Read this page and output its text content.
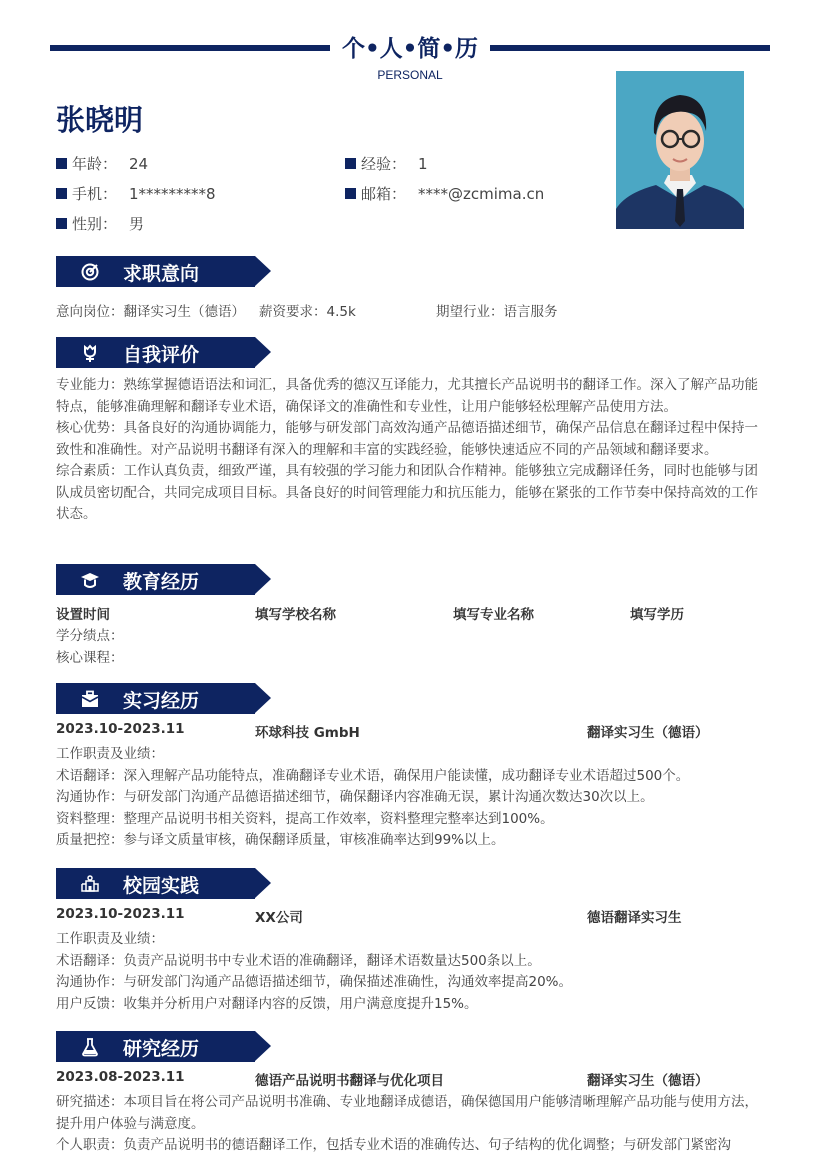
个•人•简•历
PERSONAL
张晓明
年龄： 24	经验： 1
手机： 1*********8	邮箱： ****@zcmima.cn
性别： 男
求职意向
意向岗位：翻译实习生（德语） 薪资要求：4.5k	期望行业：语言服务
自我评价
专业能力：熟练掌握德语语法和词汇，具备优秀的德汉互译能力，尤其擅长产品说明书的翻译工作。深入了解产品功能特点，能够准确理解和翻译专业术语，确保译文的准确性和专业性，让用户能够轻松理解产品使用方法。
核心优势：具备良好的沟通协调能力，能够与研发部门高效沟通产品德语描述细节，确保产品信息在翻译过程中保持一致性和准确性。对产品说明书翻译有深入的理解和丰富的实践经验，能够快速适应不同的产品领域和翻译要求。
综合素质：工作认真负责，细致严谨，具有较强的学习能力和团队合作精神。能够独立完成翻译任务，同时也能够与团队成员密切配合，共同完成项目目标。具备良好的时间管理能力和抗压能力，能够在紧张的工作节奏中保持高效的工作状态。
教育经历
设置时间	填写学校名称	填写专业名称	填写学历
学分绩点：
核心课程：
实习经历
2023.10-2023.11	环球科技 GmbH	翻译实习生（德语）
工作职责及业绩：
术语翻译：深入理解产品功能特点，准确翻译专业术语，确保用户能读懂，成功翻译专业术语超过500个。
沟通协作：与研发部门沟通产品德语描述细节，确保翻译内容准确无误，累计沟通次数达30次以上。
资料整理：整理产品说明书相关资料，提高工作效率，资料整理完整率达到100%。
质量把控：参与译文质量审核，确保翻译质量，审核准确率达到99%以上。
校园实践
2023.10-2023.11	XX公司	德语翻译实习生
工作职责及业绩：
术语翻译：负责产品说明书中专业术语的准确翻译，翻译术语数量达500条以上。
沟通协作：与研发部门沟通产品德语描述细节，确保描述准确性，沟通效率提高20%。
用户反馈：收集并分析用户对翻译内容的反馈，用户满意度提升15%。
研究经历
2023.08-2023.11	德语产品说明书翻译与优化项目	翻译实习生（德语）
研究描述：本项目旨在将公司产品说明书准确、专业地翻译成德语，确保德国用户能够清晰理解产品功能与使用方法，提升用户体验与满意度。
个人职责：负责产品说明书的德语翻译工作，包括专业术语的准确传达、句子结构的优化调整；与研发部门紧密沟
